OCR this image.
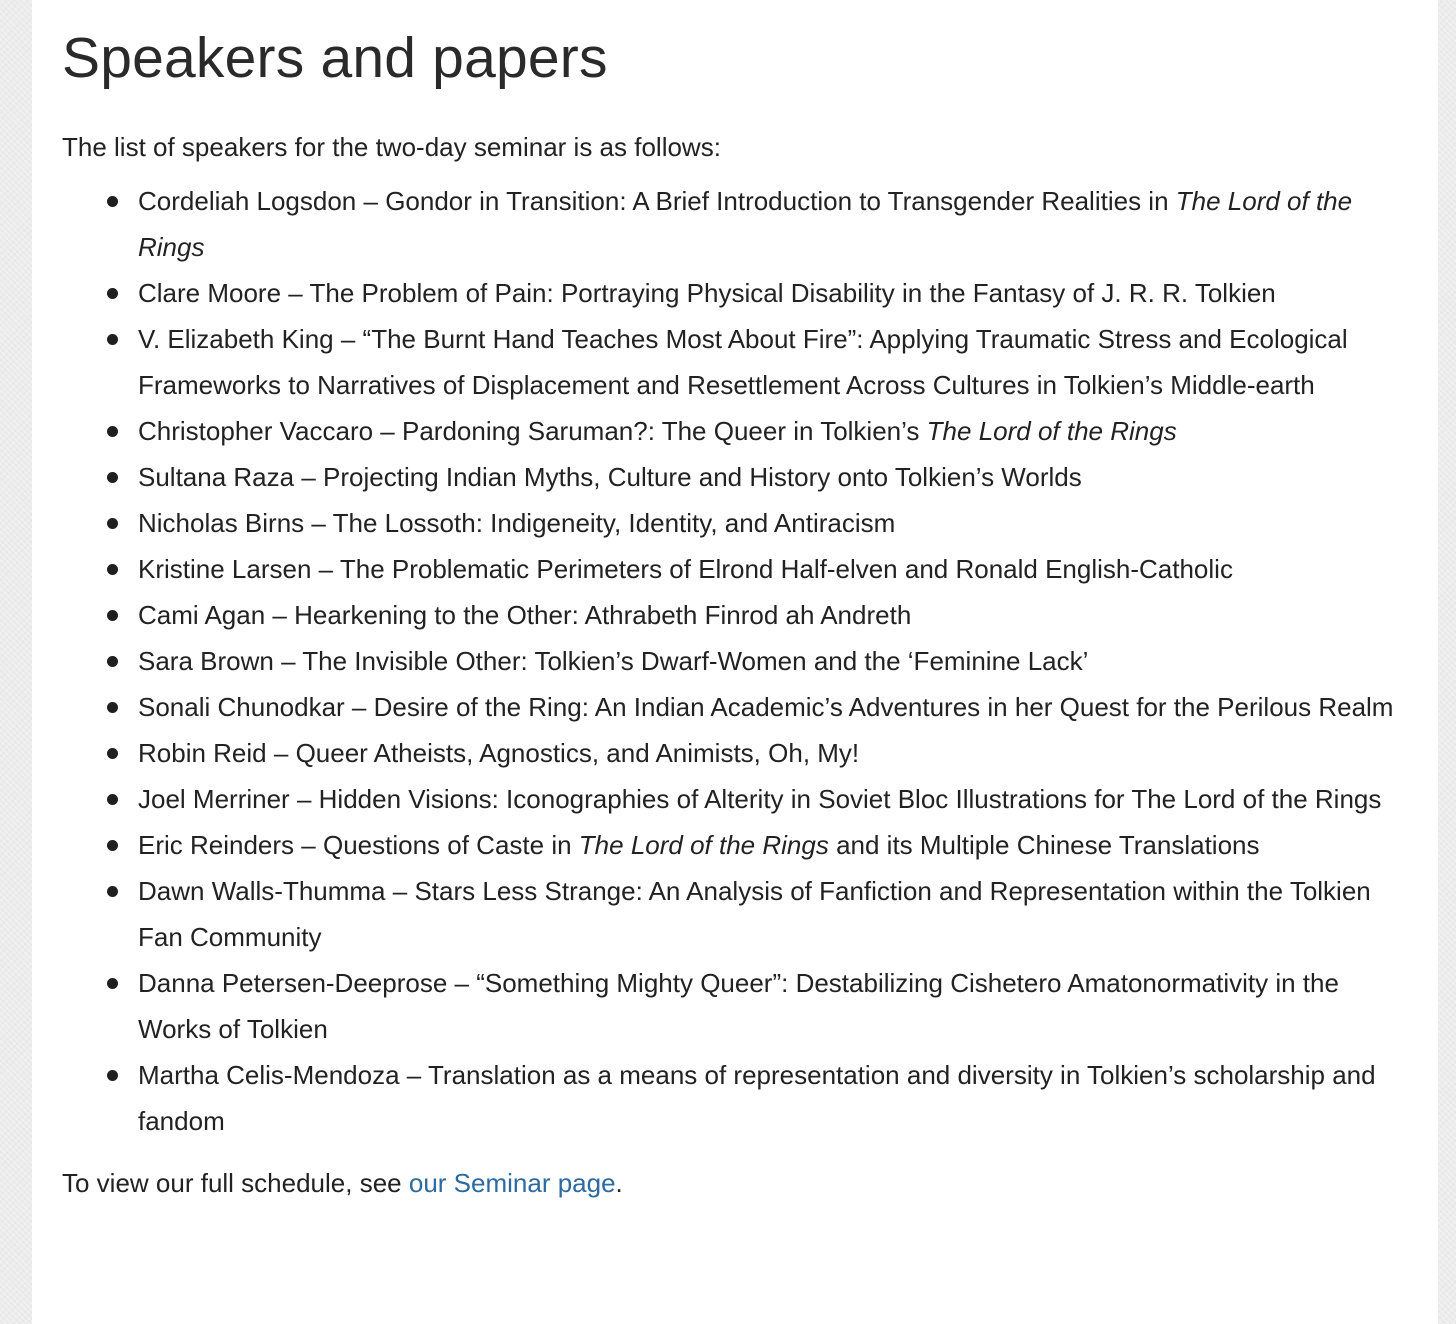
Speakers and papers

The list of speakers for the two-day seminar is as follows:

Cordeliah Logsdon – Gondor in Transition: A Brief Introduction to Transgender Realities in The Lord of the Rings
Clare Moore – The Problem of Pain: Portraying Physical Disability in the Fantasy of J. R. R. Tolkien
V. Elizabeth King – “The Burnt Hand Teaches Most About Fire”: Applying Traumatic Stress and Ecological Frameworks to Narratives of Displacement and Resettlement Across Cultures in Tolkien’s Middle-earth
Christopher Vaccaro – Pardoning Saruman?: The Queer in Tolkien’s The Lord of the Rings
Sultana Raza – Projecting Indian Myths, Culture and History onto Tolkien’s Worlds
Nicholas Birns – The Lossoth: Indigeneity, Identity, and Antiracism
Kristine Larsen – The Problematic Perimeters of Elrond Half-elven and Ronald English-Catholic
Cami Agan – Hearkening to the Other: Athrabeth Finrod ah Andreth
Sara Brown – The Invisible Other: Tolkien’s Dwarf-Women and the ‘Feminine Lack’
Sonali Chunodkar – Desire of the Ring: An Indian Academic’s Adventures in her Quest for the Perilous Realm
Robin Reid – Queer Atheists, Agnostics, and Animists, Oh, My!
Joel Merriner – Hidden Visions: Iconographies of Alterity in Soviet Bloc Illustrations for The Lord of the Rings
Eric Reinders – Questions of Caste in The Lord of the Rings and its Multiple Chinese Translations
Dawn Walls-Thumma – Stars Less Strange: An Analysis of Fanfiction and Representation within the Tolkien Fan Community
Danna Petersen-Deeprose – “Something Mighty Queer”: Destabilizing Cishetero Amatonormativity in the Works of Tolkien
Martha Celis-Mendoza – Translation as a means of representation and diversity in Tolkien’s scholarship and fandom

To view our full schedule, see our Seminar page.
